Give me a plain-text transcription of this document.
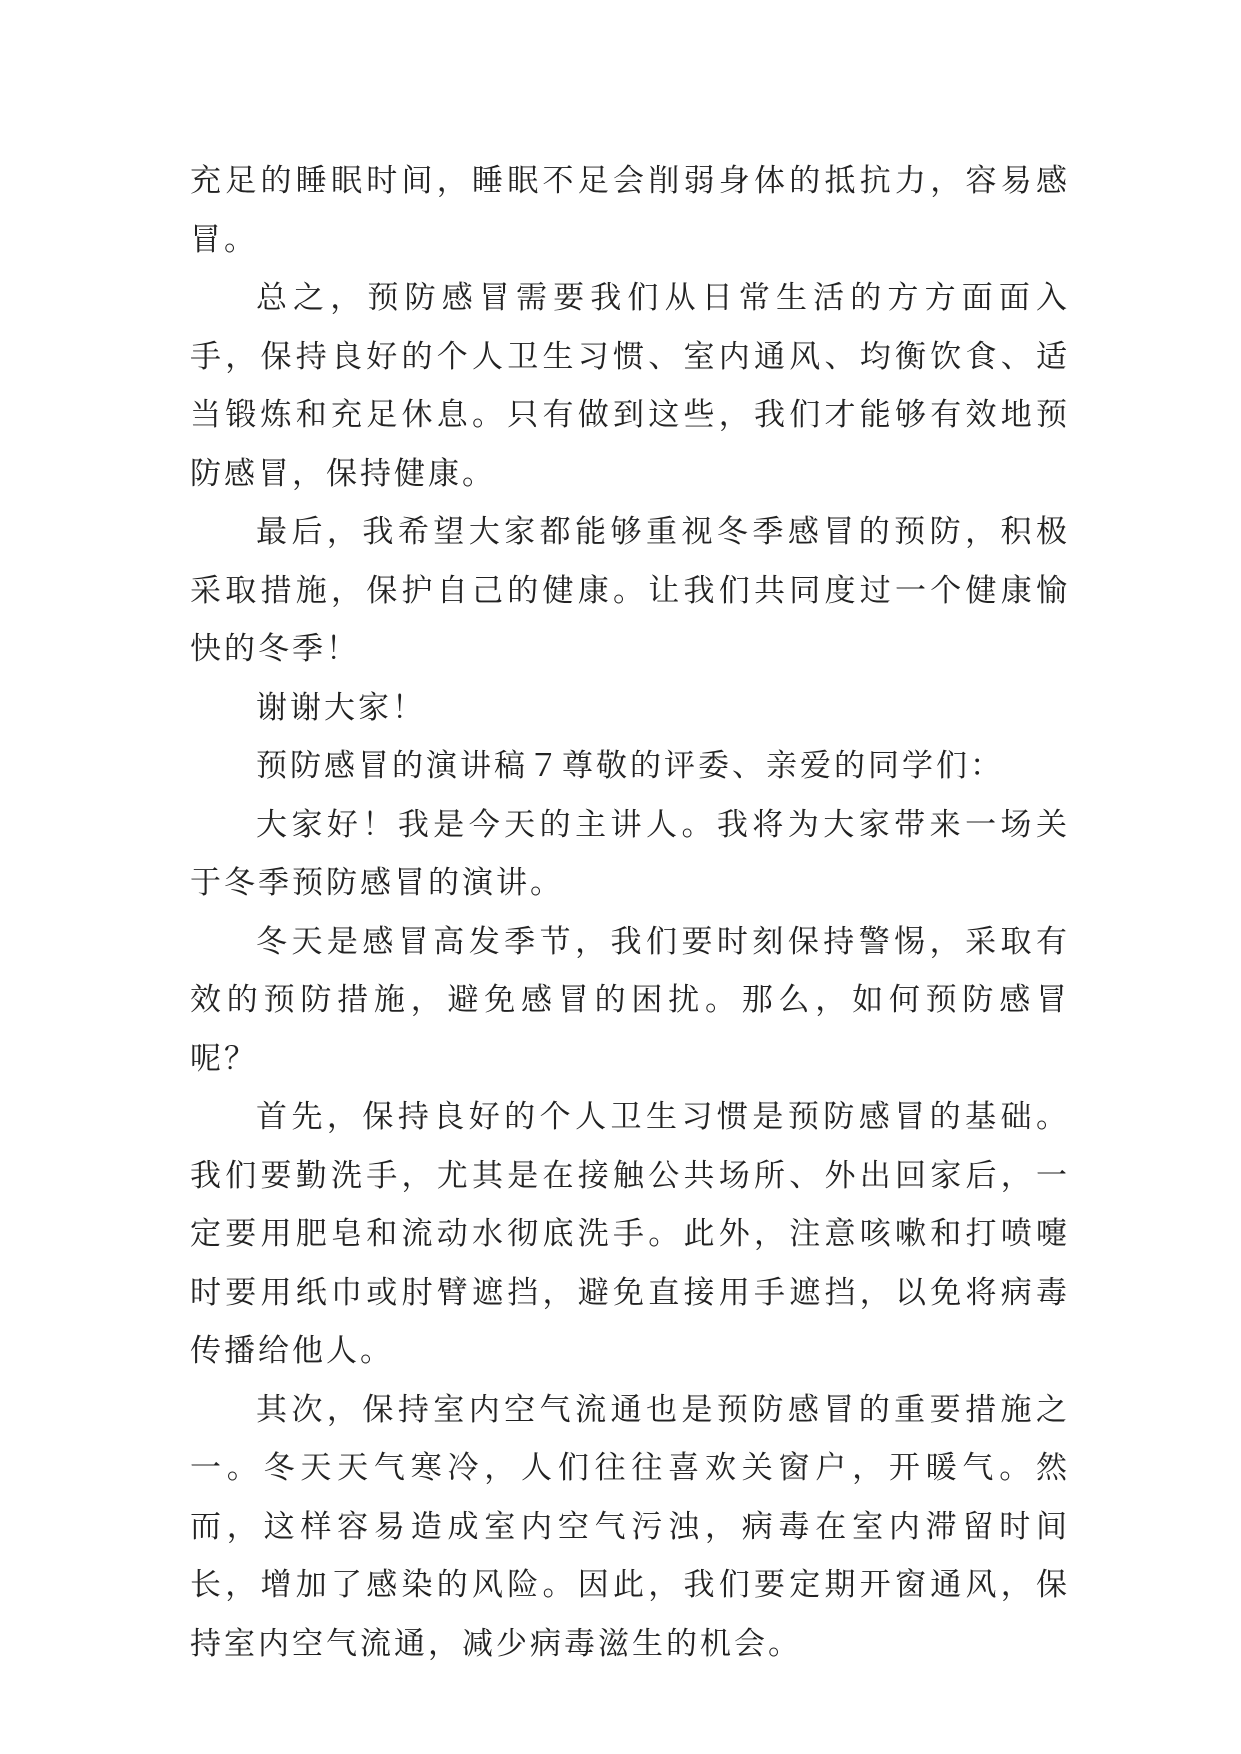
充足的睡眠时间，睡眠不足会削弱身体的抵抗力，容易感冒。

总之，预防感冒需要我们从日常生活的方方面面入手，保持良好的个人卫生习惯、室内通风、均衡饮食、适当锻炼和充足休息。只有做到这些，我们才能够有效地预防感冒，保持健康。

最后，我希望大家都能够重视冬季感冒的预防，积极采取措施，保护自己的健康。让我们共同度过一个健康愉快的冬季！

谢谢大家！

预防感冒的演讲稿７尊敬的评委、亲爱的同学们：

大家好！我是今天的主讲人。我将为大家带来一场关于冬季预防感冒的演讲。

冬天是感冒高发季节，我们要时刻保持警惕，采取有效的预防措施，避免感冒的困扰。那么，如何预防感冒呢？

首先，保持良好的个人卫生习惯是预防感冒的基础。我们要勤洗手，尤其是在接触公共场所、外出回家后，一定要用肥皂和流动水彻底洗手。此外，注意咳嗽和打喷嚏时要用纸巾或肘臂遮挡，避免直接用手遮挡，以免将病毒传播给他人。

其次，保持室内空气流通也是预防感冒的重要措施之一。冬天天气寒冷，人们往往喜欢关窗户，开暖气。然而，这样容易造成室内空气污浊，病毒在室内滞留时间长，增加了感染的风险。因此，我们要定期开窗通风，保持室内空气流通，减少病毒滋生的机会。
